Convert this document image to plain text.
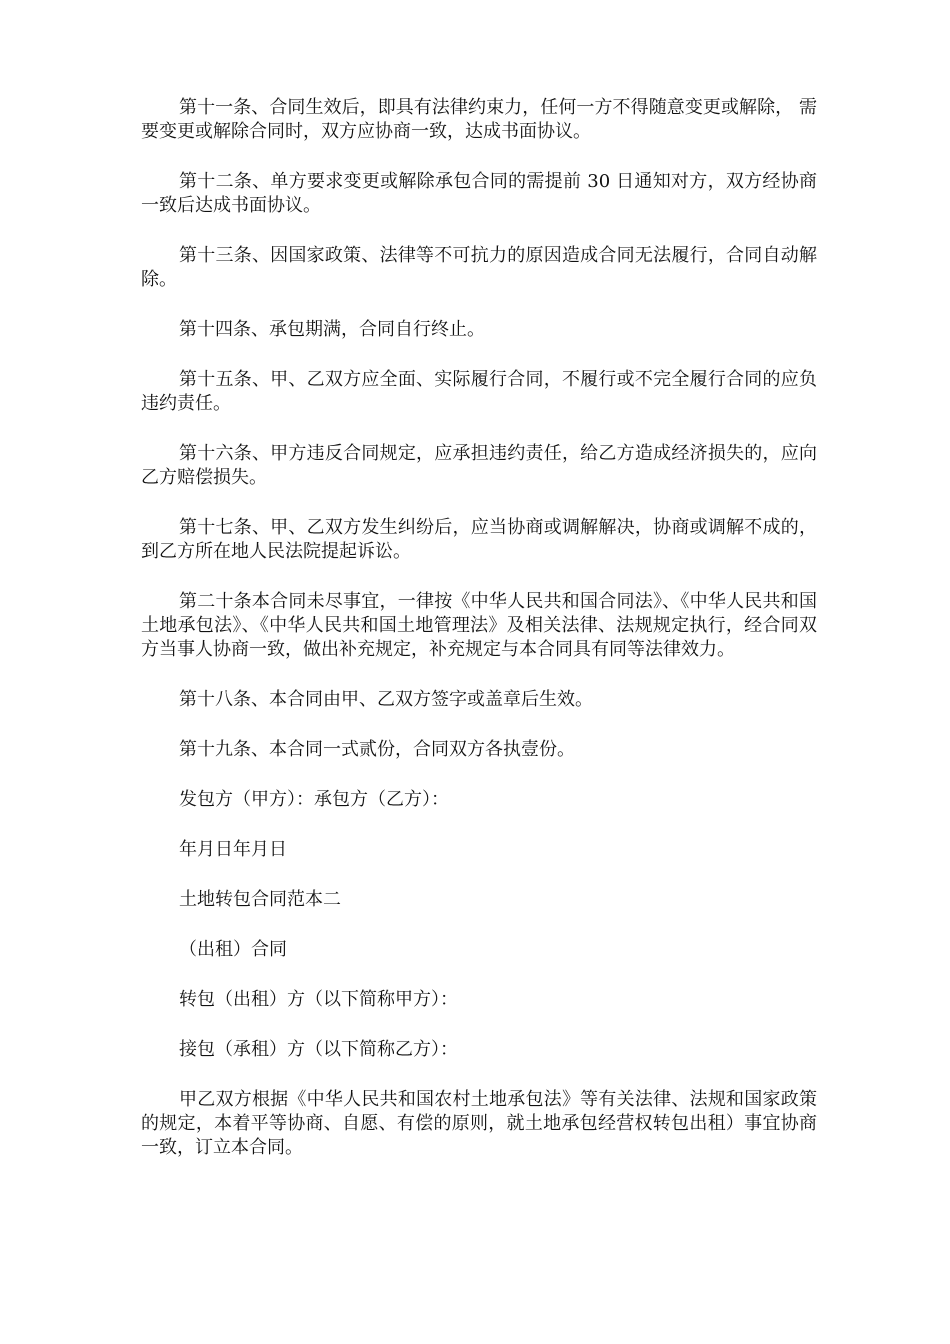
第十一条、合同生效后，即具有法律约束力，任何一方不得随意变更或解除， 需要变更或解除合同时，双方应协商一致，达成书面协议。

第十二条、单方要求变更或解除承包合同的需提前 30 日通知对方，双方经协商一致后达成书面协议。

第十三条、因国家政策、法律等不可抗力的原因造成合同无法履行，合同自动解除。

第十四条、承包期满，合同自行终止。

第十五条、甲、乙双方应全面、实际履行合同，不履行或不完全履行合同的应负违约责任。

第十六条、甲方违反合同规定，应承担违约责任，给乙方造成经济损失的，应向乙方赔偿损失。

第十七条、甲、乙双方发生纠纷后，应当协商或调解解决，协商或调解不成的，到乙方所在地人民法院提起诉讼。

第二十条本合同未尽事宜，一律按《中华人民共和国合同法》、《中华人民共和国土地承包法》、《中华人民共和国土地管理法》及相关法律、法规规定执行，经合同双方当事人协商一致，做出补充规定，补充规定与本合同具有同等法律效力。

第十八条、本合同由甲、乙双方签字或盖章后生效。

第十九条、本合同一式贰份，合同双方各执壹份。

发包方（甲方）：承包方（乙方）：

年月日年月日

土地转包合同范本二

（出租）合同

转包（出租）方（以下简称甲方）：

接包（承租）方（以下简称乙方）：

甲乙双方根据《中华人民共和国农村土地承包法》等有关法律、法规和国家政策的规定，本着平等协商、自愿、有偿的原则，就土地承包经营权转包出租）事宜协商一致，订立本合同。
